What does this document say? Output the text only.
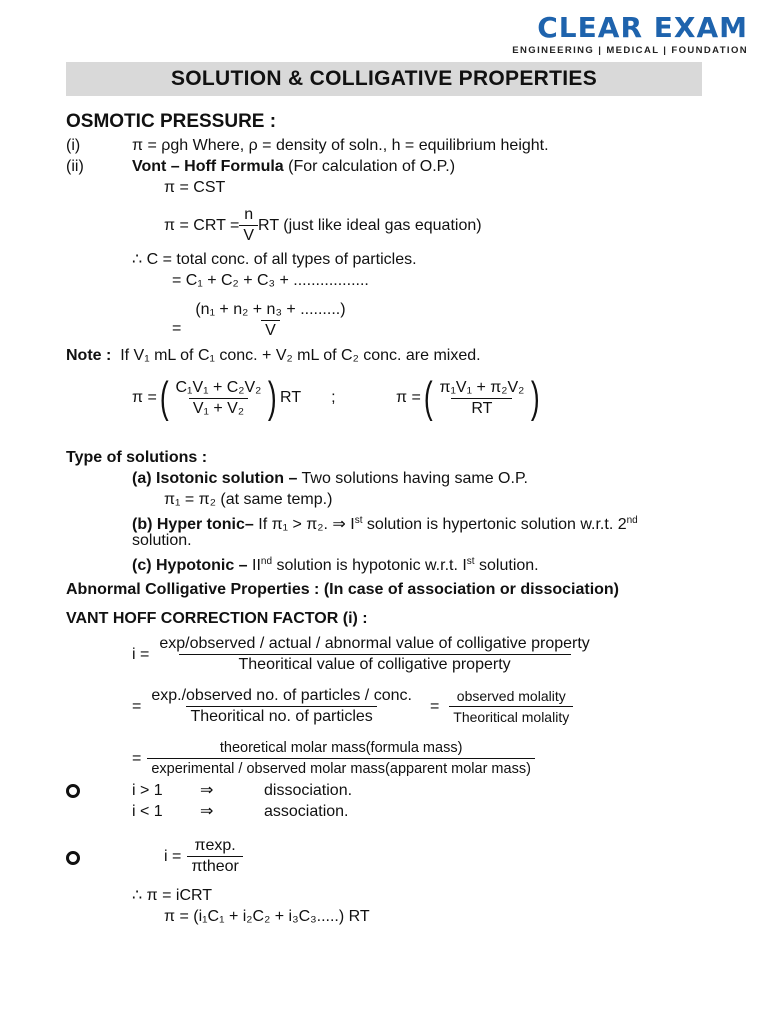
CLEAR EXAM
ENGINEERING | MEDICAL | FOUNDATION
SOLUTION & COLLIGATIVE PROPERTIES
OSMOTIC PRESSURE :
(i)	π = ρgh Where, ρ = density of soln., h = equilibrium height.
(ii)	Vont – Hoff Formula (For calculation of O.P.)
π = CST
π = CRT = $\frac{n}{V}$ RT (just like ideal gas equation)
∴ C = total conc. of all types of particles.
= C₁ + C₂ + C₃ + .................
= $\frac{\text{(n₁ + n₂ + n₃ + .........)}}{V}$
Note : If V₁ mL of C₁ conc. + V₂ mL of C₂ conc. are mixed.
π = ( $\frac{\text{C₁V₁ + C₂V₂}}{\text{V₁ + V₂}}$ ) RT ;	π = ( $\frac{\text{π₁V₁ + π₂V₂}}{RT}$ )
Type of solutions :
(a) Isotonic solution – Two solutions having same O.P.
π₁ = π₂ (at same temp.)
(b) Hyper tonic– If π₁ > π₂. ⇒ Ist solution is hypertonic solution w.r.t. 2nd
solution.
(c) Hypotonic – IInd solution is hypotonic w.r.t. Ist solution.
Abnormal Colligative Properties : (In case of association or dissociation)
VANT HOFF CORRECTION FACTOR (i) :
i =
exp/observed / actual / abnormal value of colligative property
Theoritical value of colligative property
= $\frac{\text{exp./observed no. of particles / conc.}}{\text{Theoritical no. of particles}} = \frac{\text{observed molality}}{\text{Theoritical molality}}$
= $\frac{\text{theoretical molar mass(formula mass)}}{\text{experimental / observed molar mass(apparent molar mass)}}$
i > 1 ⇒	dissociation.
i < 1 ⇒	association.
$i = \frac{\pi\exp.}{\text{πtheor}}$
∴ π = iCRT
π = (i₁C₁ + i₂C₂ + i₃C₃.....) RT
